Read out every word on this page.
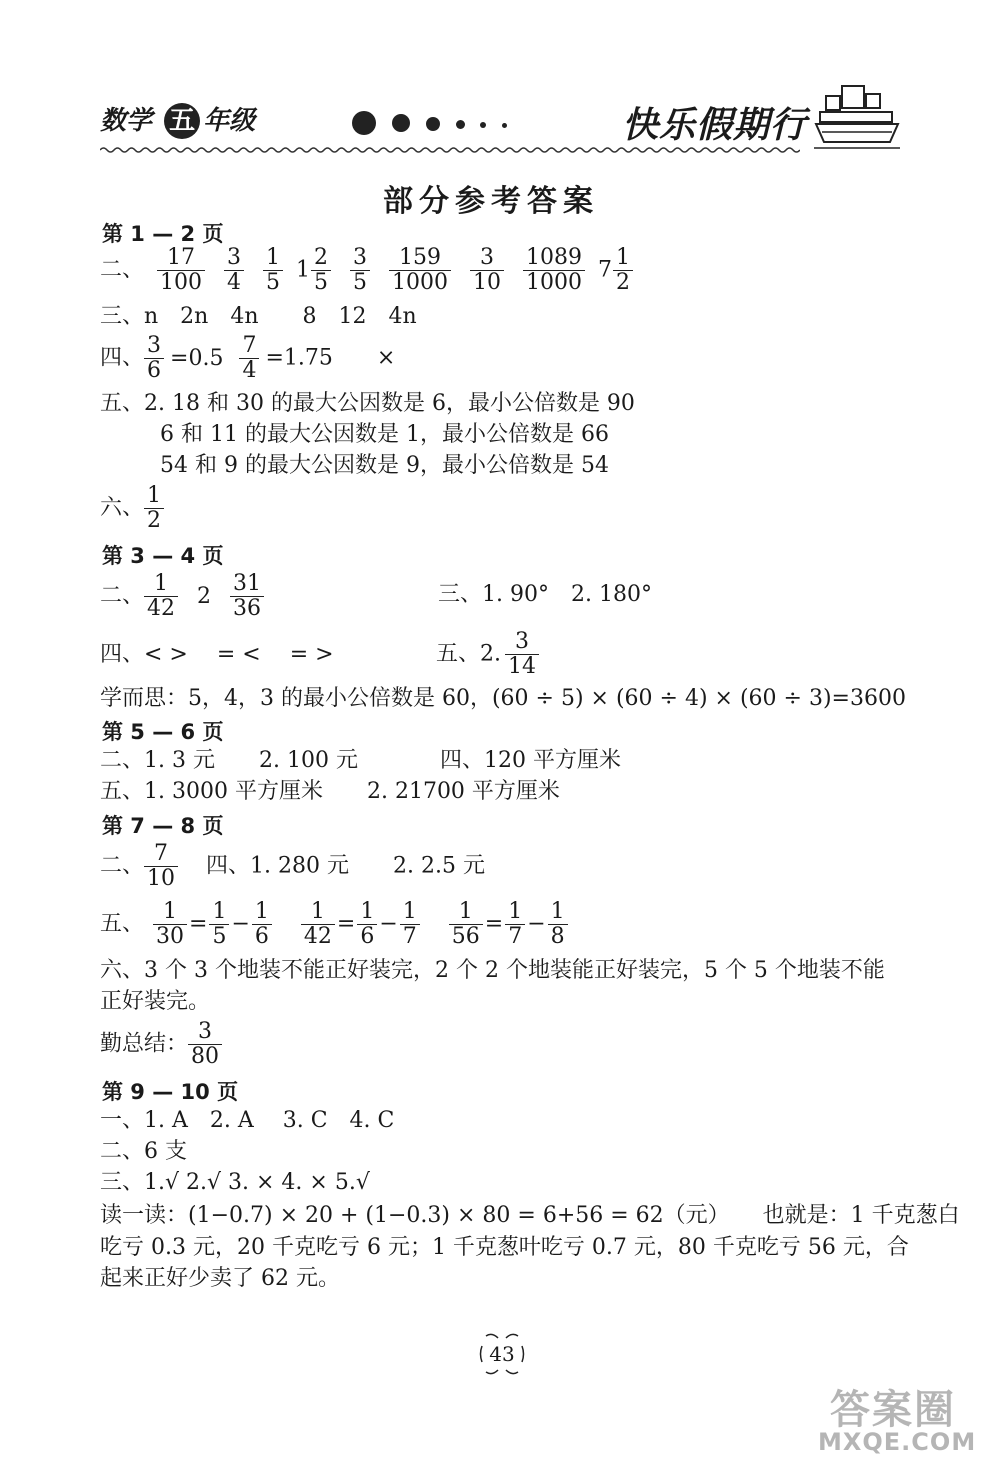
数学 五 年级	快乐假期行
部分参考答案
第 1 — 2 页
二、 $\frac{17}{100}$
$\frac{3}{4}$
$\frac{1}{5} 1 \frac{2}{5}$
$\frac{3}{5}$
$\frac{159}{1000}$
$\frac{3}{10}$
$\frac{1089}{1000} 7 \frac{1}{2}$
三、n　2n　4n　　8　12　4n
四、 $\frac{3}{6} =0.5 \frac{7}{4} =1.75$　　×
五、2. 18 和 30 的最大公因数是 6，最小公倍数是 90
6 和 11 的最大公因数是 1，最小公倍数是 66
54 和 9 的最大公因数是 9，最小公倍数是 54
六、 $\frac{1}{2}$
第 3 — 4 页
二、 $\frac{1}{42} 2 \frac{31}{36}$	三、1. 90°　2. 180°
四、< >　 = <　 = >	五、2. $\frac{3}{14}$
学而思：5，4，3 的最小公倍数是 60，(60 ÷ 5) × (60 ÷ 4) × (60 ÷ 3)=3600
第 5 — 6 页
二、1. 3 元　　2. 100 元	四、120 平方厘米
五、1. 3000 平方厘米　　2. 21700 平方厘米
第 7 — 8 页
二、 $\frac{7}{10}$ 四、1. 280 元　　2. 2.5 元
五、 $\frac{1}{30} = \frac{1}{5} - \frac{1}{6}$
$\frac{1}{42} = \frac{1}{6} - \frac{1}{7}$
$\frac{1}{56} = \frac{1}{7} - \frac{1}{8}$
六、3 个 3 个地装不能正好装完，2 个 2 个地装能正好装完，5 个 5 个地装不能
正好装完。
勤总结： $\frac{3}{80}$
第 9 — 10 页
一、1. A　2. A　 3. C　4. C
二、6 支
三、1.√ 2.√ 3. × 4. × 5.√
读一读：(1−0.7) × 20 + (1−0.3) × 80 = 6+56 = 62（元）　　也就是：1 千克葱白
吃亏 0.3 元，20 千克吃亏 6 元；1 千克葱叶吃亏 0.7 元，80 千克吃亏 56 元，合
起来正好少卖了 62 元。
43
答案圈
MXQE.COM
